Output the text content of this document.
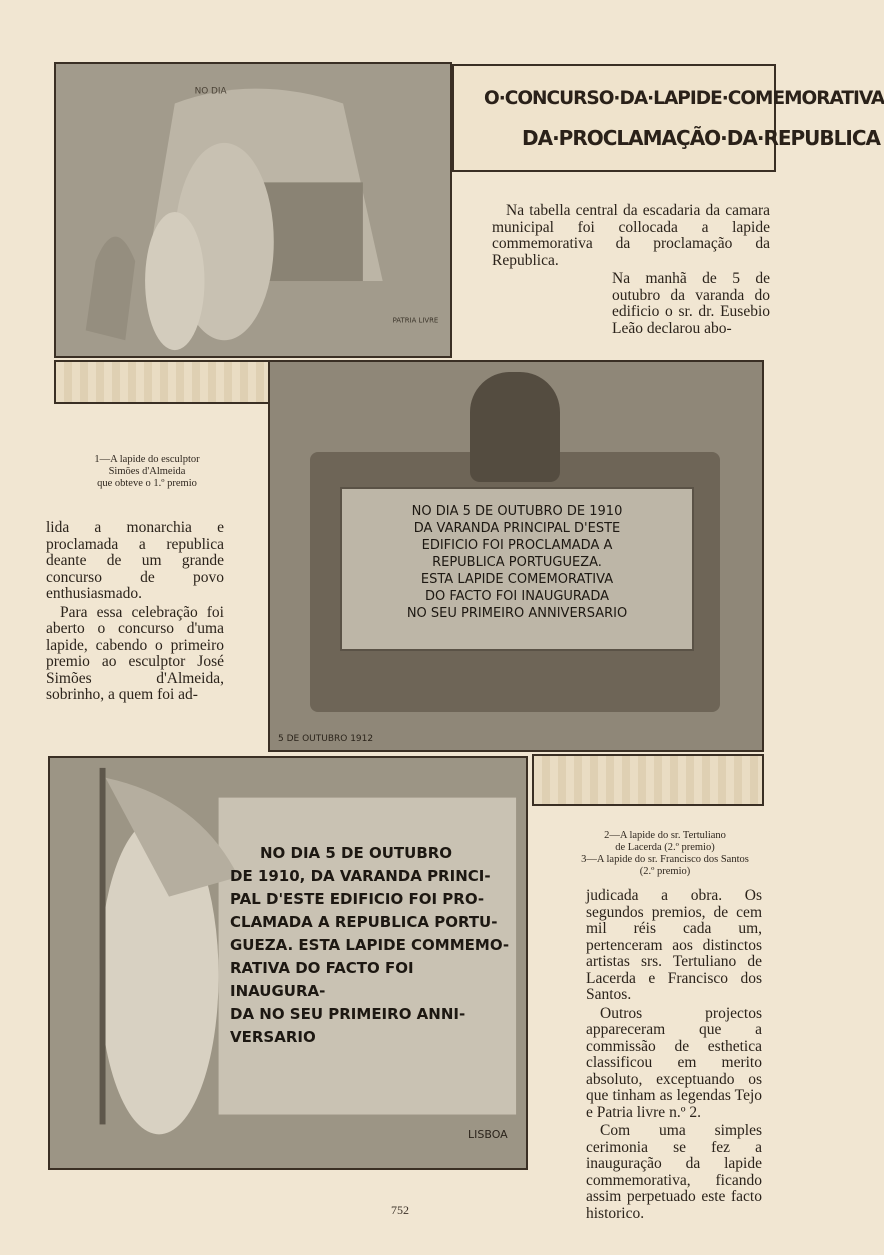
O·CONCURSO·DA·LAPIDE·COMEMORATIVA
DA·PROCLAMAÇÃO·DA·REPUBLICA
NO DIA
PATRIA LIVRE

Na tabella central da escadaria da camara municipal foi collocada a lapide commemorativa da proclamação da Republica.

Na manhã de 5 de outubro da varanda do edificio o sr. dr. Eusebio Leão declarou abo-

1—A lapide do esculptor
Simões d'Almeida
que obteve o 1.º premio

lida a monarchia e proclamada a republica deante de um grande concurso de povo enthusiasmado.

Para essa celebração foi aberto o concurso d'uma lapide, cabendo o primeiro premio ao esculptor José Simões d'Almeida, sobrinho, a quem foi ad-

NO DIA 5 DE OUTUBRO DE 1910
DA VARANDA PRINCIPAL D'ESTE
EDIFICIO FOI PROCLAMADA A
REPUBLICA PORTUGUEZA.
ESTA LAPIDE COMEMORATIVA
DO FACTO FOI INAUGURADA
NO SEU PRIMEIRO ANNIVERSARIO
5 DE OUTUBRO 1912
NO DIA 5 DE OUTUBRO
DE 1910, DA VARANDA PRINCI-
PAL D'ESTE EDIFICIO FOI PRO-
CLAMADA A REPUBLICA PORTU-
GUEZA. ESTA LAPIDE COMMEMO-
RATIVA DO FACTO FOI INAUGURA-
DA NO SEU PRIMEIRO ANNI-
VERSARIO
LISBOA
2—A lapide do sr. Tertuliano
de Lacerda (2.º premio)
3—A lapide do sr. Francisco dos Santos
(2.º premio)

judicada a obra. Os segundos premios, de cem mil réis cada um, pertenceram aos distinctos artistas srs. Tertuliano de Lacerda e Francisco dos Santos.

Outros projectos appareceram que a commissão de esthetica classificou em merito absoluto, exceptuando os que tinham as legendas Tejo e Patria livre n.º 2.

Com uma simples cerimonia se fez a inauguração da lapide commemorativa, ficando assim perpetuado este facto historico.

752
